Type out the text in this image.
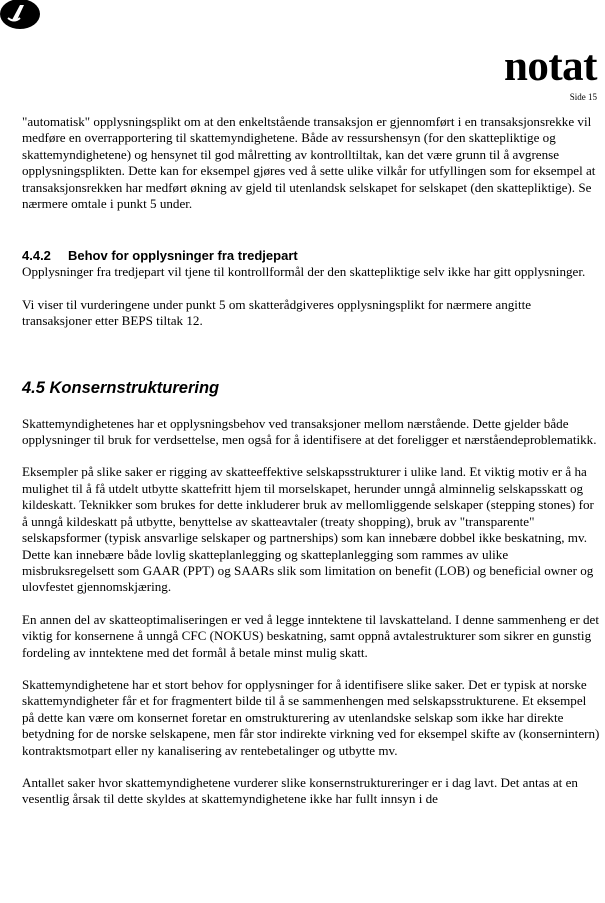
notat
Side 15

"automatisk" opplysningsplikt om at den enkeltstående transaksjon er gjennomført i en transaksjonsrekke vil medføre en overrapportering til skattemyndighetene. Både av ressurshensyn (for den skattepliktige og skattemyndighetene) og hensynet til god målretting av kontrolltiltak, kan det være grunn til å avgrense opplysningsplikten. Dette kan for eksempel gjøres ved å sette ulike vilkår for utfyllingen som for eksempel at transaksjonsrekken har medført økning av gjeld til utenlandsk selskapet for selskapet (den skattepliktige). Se nærmere omtale i punkt 5 under.

4.4.2 Behov for opplysninger fra tredjepart

Opplysninger fra tredjepart vil tjene til kontrollformål der den skattepliktige selv ikke har gitt opplysninger.

Vi viser til vurderingene under punkt 5 om skatterådgiveres opplysningsplikt for nærmere angitte transaksjoner etter BEPS tiltak 12.

4.5 Konsernstrukturering

Skattemyndighetenes har et opplysningsbehov ved transaksjoner mellom nærstående. Dette gjelder både opplysninger til bruk for verdsettelse, men også for å identifisere at det foreligger et nærståendeproblematikk.

Eksempler på slike saker er rigging av skatteeffektive selskapsstrukturer i ulike land. Et viktig motiv er å ha mulighet til å få utdelt utbytte skattefritt hjem til morselskapet, herunder unngå alminnelig selskapsskatt og kildeskatt. Teknikker som brukes for dette inkluderer bruk av mellomliggende selskaper (stepping stones) for å unngå kildeskatt på utbytte, benyttelse av skatteavtaler (treaty shopping), bruk av "transparente" selskapsformer (typisk ansvarlige selskaper og partnerships) som kan innebære dobbel ikke beskatning, mv. Dette kan innebære både lovlig skatteplanlegging og skatteplanlegging som rammes av ulike misbruksregelsett som GAAR (PPT) og SAARs slik som limitation on benefit (LOB) og beneficial owner og ulovfestet gjennomskjæring.

En annen del av skatteoptimaliseringen er ved å legge inntektene til lavskatteland. I denne sammenheng er det viktig for konsernene å unngå CFC (NOKUS) beskatning, samt oppnå avtalestrukturer som sikrer en gunstig fordeling av inntektene med det formål å betale minst mulig skatt.

Skattemyndighetene har et stort behov for opplysninger for å identifisere slike saker. Det er typisk at norske skattemyndigheter får et for fragmentert bilde til å se sammenhengen med selskapsstrukturene. Et eksempel på dette kan være om konsernet foretar en omstrukturering av utenlandske selskap som ikke har direkte betydning for de norske selskapene, men får stor indirekte virkning ved for eksempel skifte av (konsernintern) kontraktsmotpart eller ny kanalisering av rentebetalinger og utbytte mv.

Antallet saker hvor skattemyndighetene vurderer slike konsernstruktureringer er i dag lavt. Det antas at en vesentlig årsak til dette skyldes at skattemyndighetene ikke har fullt innsyn i de
